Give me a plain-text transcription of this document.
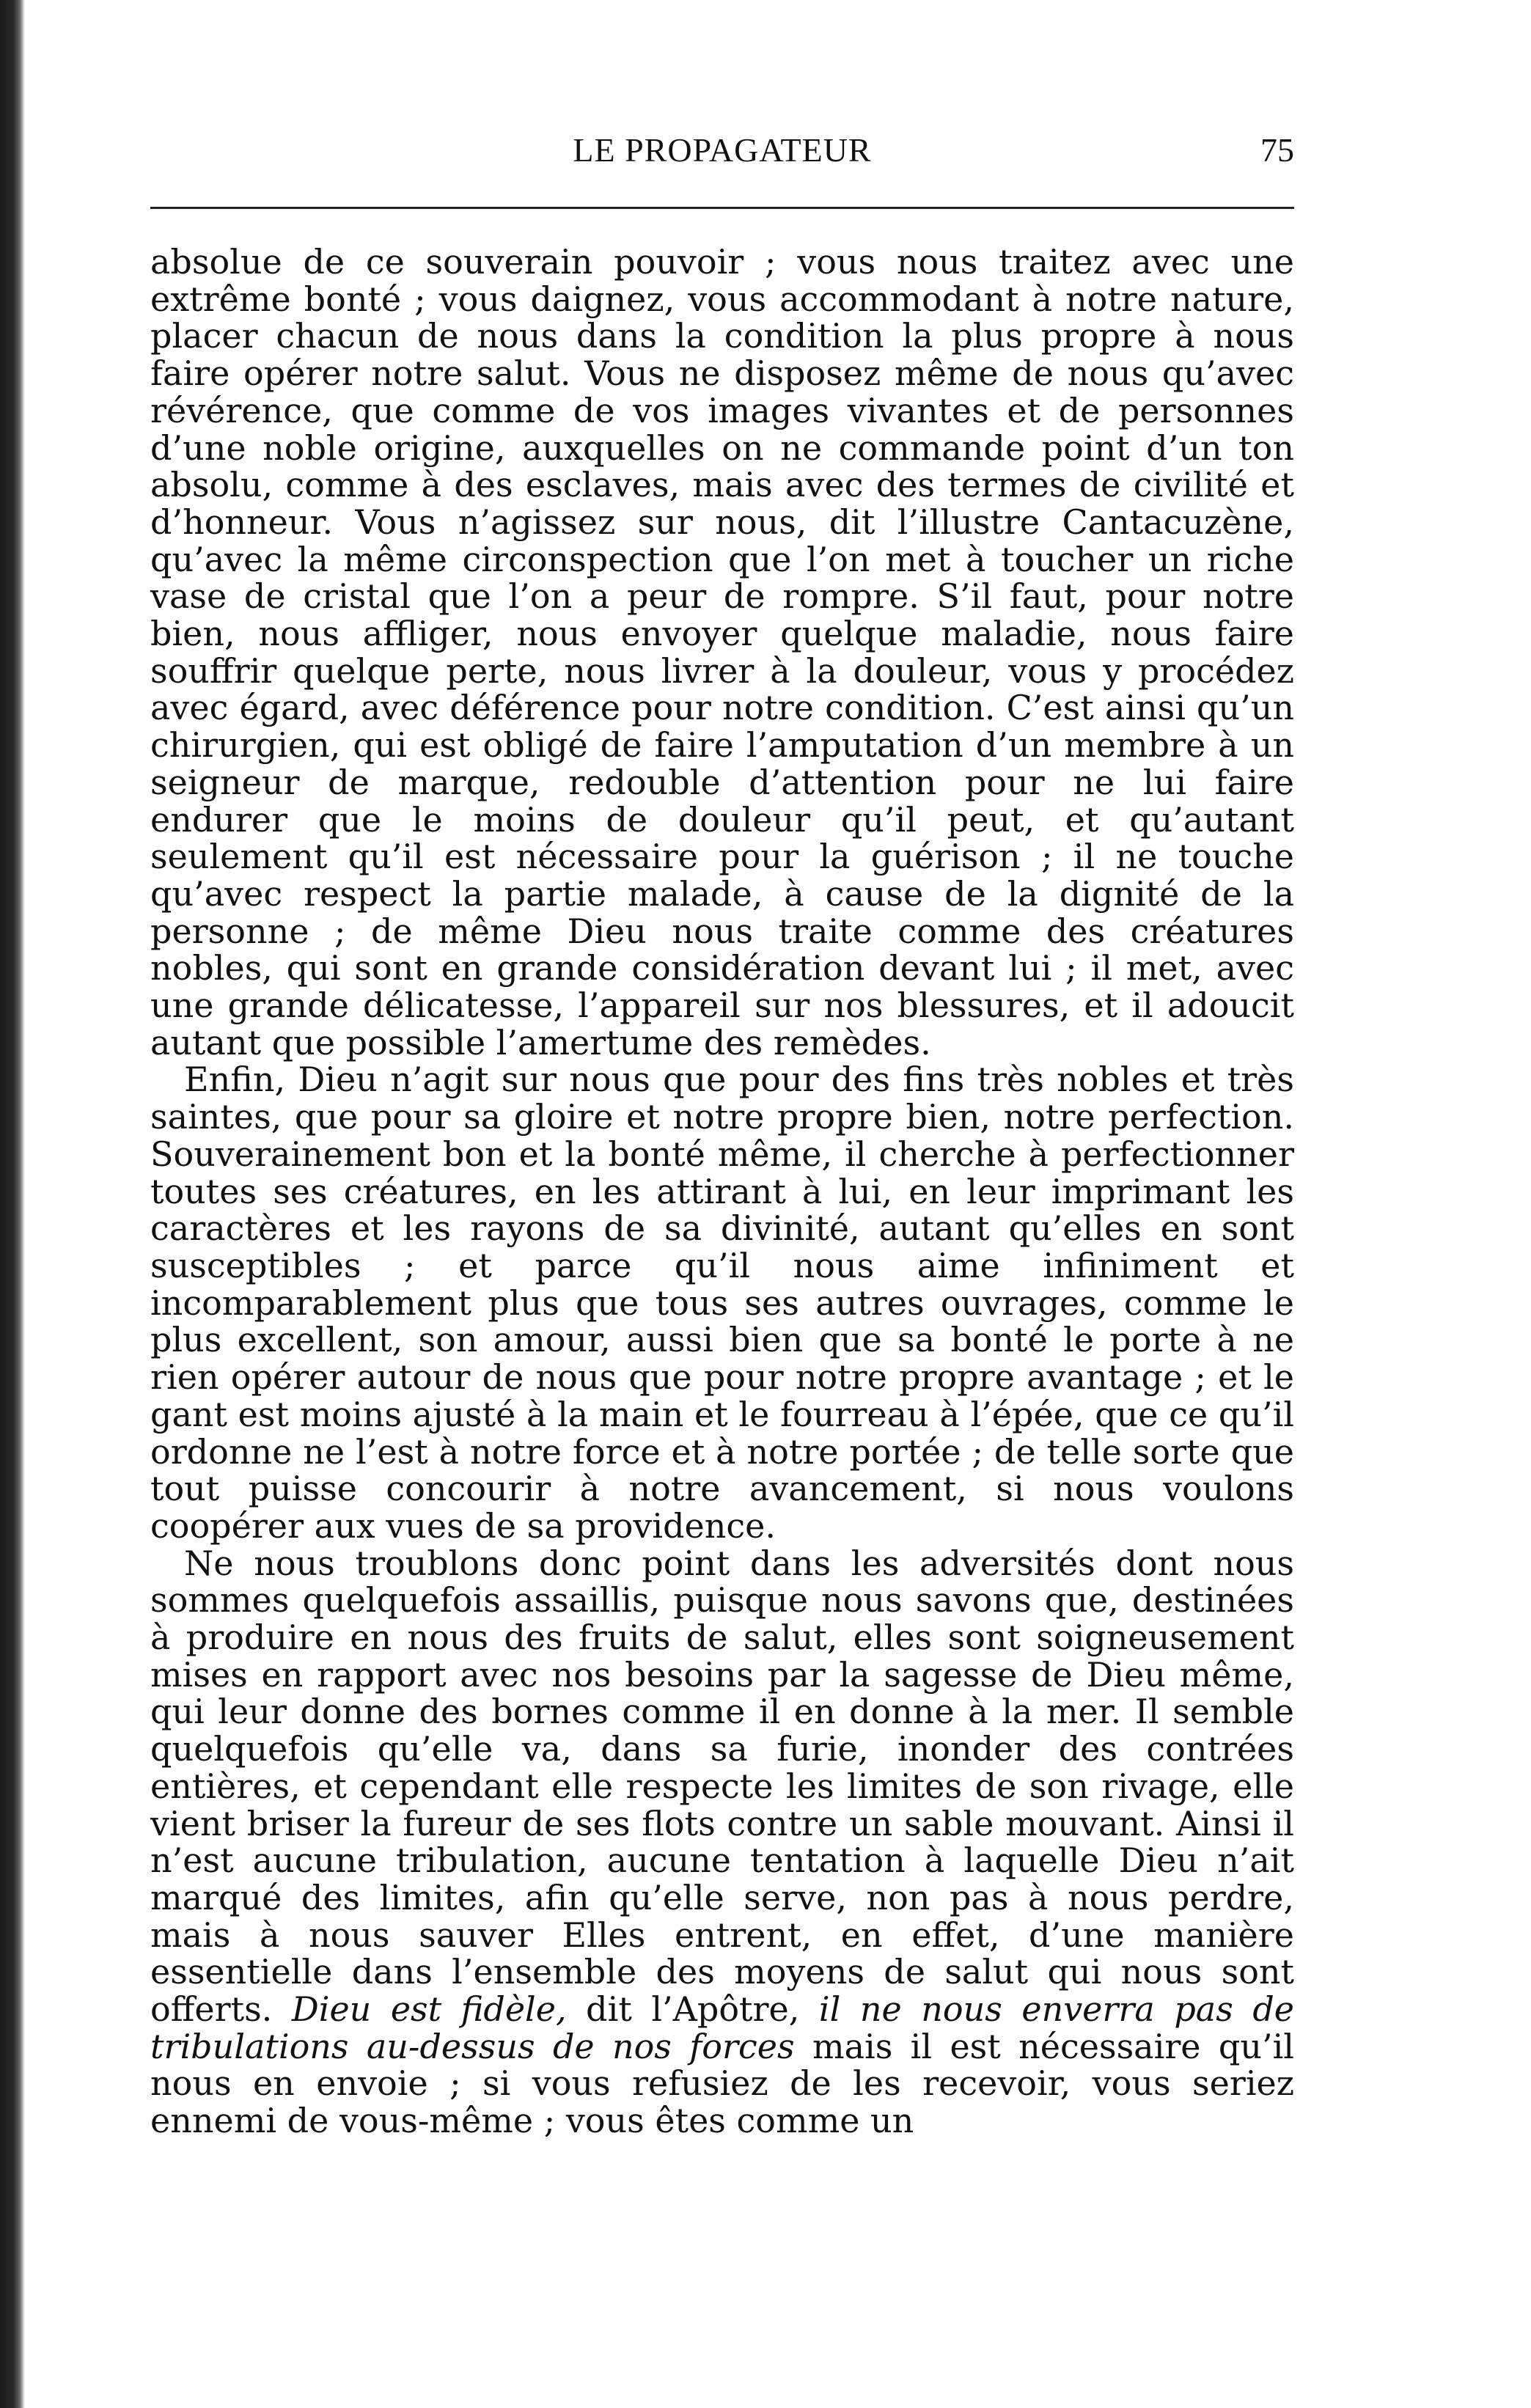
LE PROPAGATEUR	75

absolue de ce souverain pouvoir ; vous nous traitez avec une extrême bonté ; vous daignez, vous accommodant à notre nature, placer chacun de nous dans la condition la plus propre à nous faire opérer notre salut. Vous ne disposez même de nous qu’avec révérence, que comme de vos images vivantes et de personnes d’une noble origine, auxquelles on ne commande point d’un ton absolu, comme à des esclaves, mais avec des termes de civilité et d’honneur. Vous n’agissez sur nous, dit l’illustre Cantacuzène, qu’avec la même circonspection que l’on met à toucher un riche vase de cristal que l’on a peur de rompre. S’il faut, pour notre bien, nous affliger, nous envoyer quelque maladie, nous faire souffrir quelque perte, nous livrer à la douleur, vous y procédez avec égard, avec déférence pour notre condition. C’est ainsi qu’un chirurgien, qui est obligé de faire l’amputation d’un membre à un seigneur de marque, redouble d’attention pour ne lui faire endurer que le moins de douleur qu’il peut, et qu’autant seulement qu’il est nécessaire pour la guérison ; il ne touche qu’avec respect la partie malade, à cause de la dignité de la personne ; de même Dieu nous traite comme des créatures nobles, qui sont en grande considération devant lui ; il met, avec une grande délicatesse, l’appareil sur nos blessures, et il adoucit autant que possible l’amertume des remèdes.

Enfin, Dieu n’agit sur nous que pour des fins très nobles et très saintes, que pour sa gloire et notre propre bien, notre perfection. Souverainement bon et la bonté même, il cherche à perfectionner toutes ses créatures, en les attirant à lui, en leur imprimant les caractères et les rayons de sa divinité, autant qu’elles en sont susceptibles ; et parce qu’il nous aime infiniment et incomparablement plus que tous ses autres ouvrages, comme le plus excellent, son amour, aussi bien que sa bonté le porte à ne rien opérer autour de nous que pour notre propre avantage ; et le gant est moins ajusté à la main et le fourreau à l’épée, que ce qu’il ordonne ne l’est à notre force et à notre portée ; de telle sorte que tout puisse concourir à notre avancement, si nous voulons coopérer aux vues de sa providence.

Ne nous troublons donc point dans les adversités dont nous sommes quelquefois assaillis, puisque nous savons que, destinées à produire en nous des fruits de salut, elles sont soigneusement mises en rapport avec nos besoins par la sagesse de Dieu même, qui leur donne des bornes comme il en donne à la mer. Il semble quelquefois qu’elle va, dans sa furie, inonder des contrées entières, et cependant elle respecte les limites de son rivage, elle vient briser la fureur de ses flots contre un sable mouvant. Ainsi il n’est aucune tribulation, aucune tentation à laquelle Dieu n’ait marqué des limites, afin qu’elle serve, non pas à nous perdre, mais à nous sauver Elles entrent, en effet, d’une manière essentielle dans l’ensemble des moyens de salut qui nous sont offerts. Dieu est fidèle, dit l’Apôtre, il ne nous enverra pas de tribulations au-dessus de nos forces mais il est nécessaire qu’il nous en envoie ; si vous refusiez de les recevoir, vous seriez ennemi de vous-même ; vous êtes comme un
